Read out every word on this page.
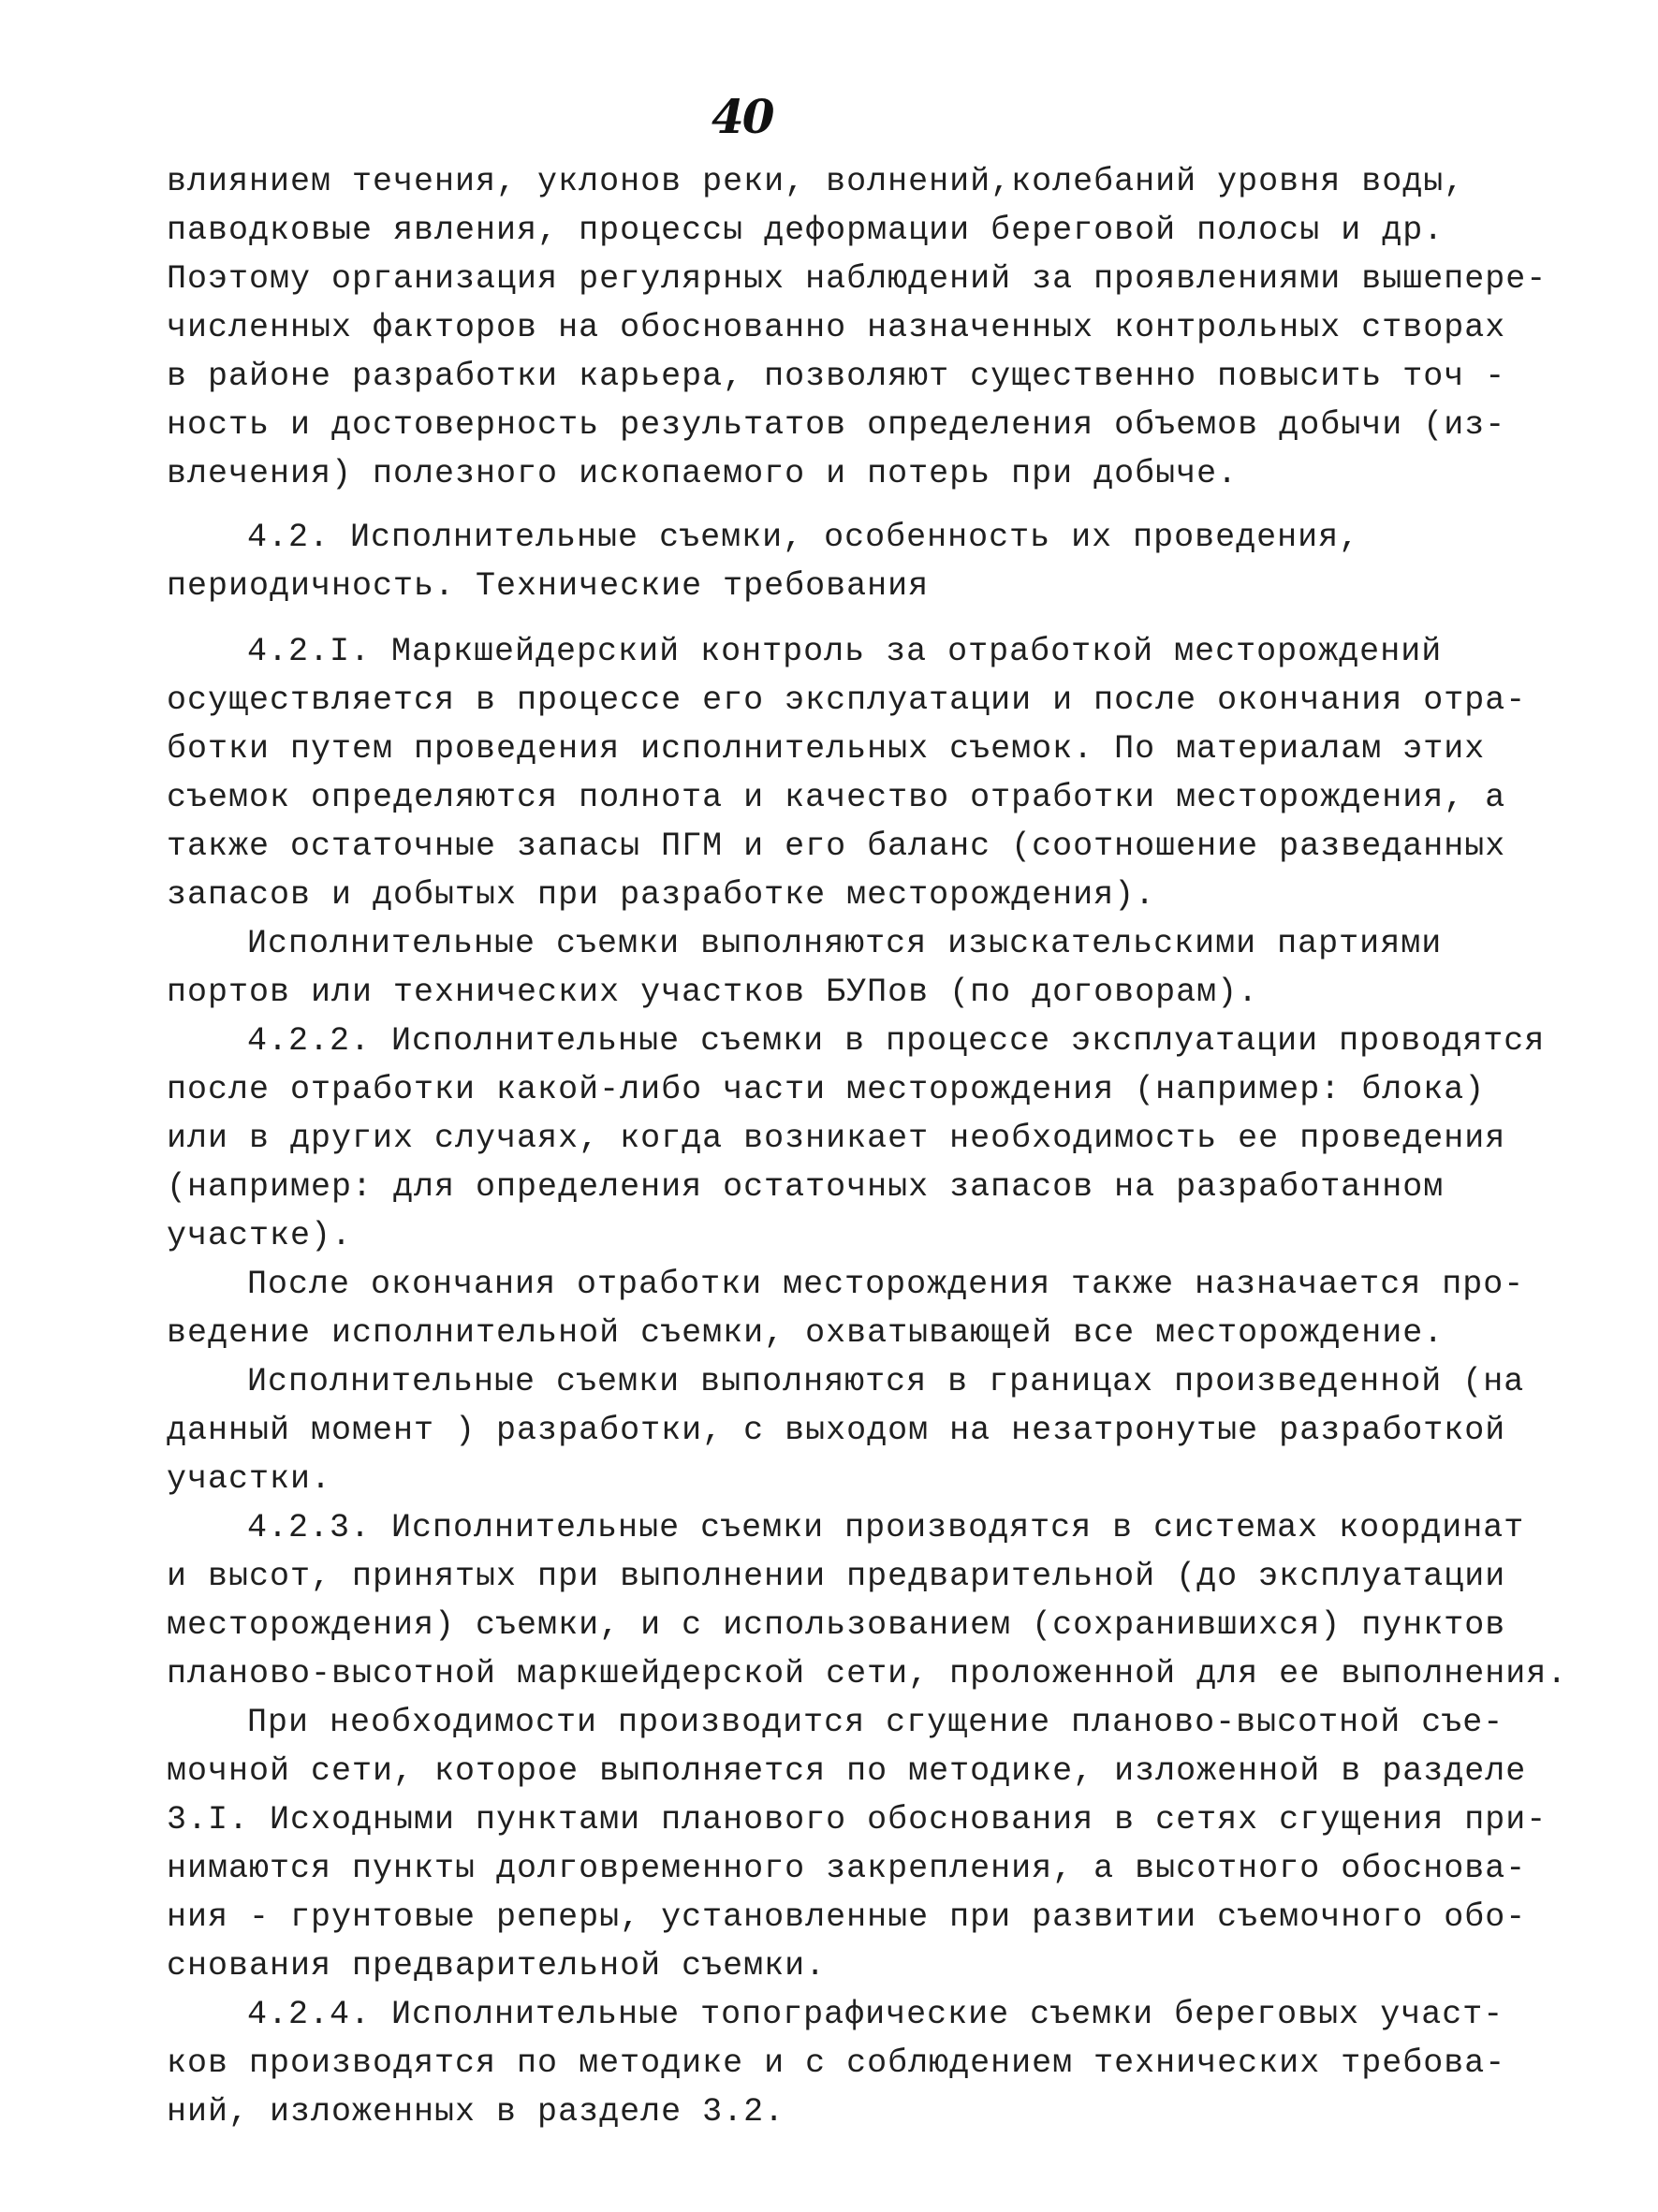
40

влиянием течения, уклонов реки, волнений,колебаний уровня воды,

паводковые явления, процессы деформации береговой полосы и др.

Поэтому организация регулярных наблюдений за проявлениями вышепере-

численных факторов на обоснованно назначенных контрольных створах

в районе разработки карьера, позволяют существенно повысить точ -

ность и достоверность результатов определения объемов добычи (из-

влечения) полезного ископаемого и потерь при добыче.

4.2. Исполнительные съемки, особенность их проведения,

периодичность. Технические требования

4.2.I. Маркшейдерский контроль за отработкой месторождений

осуществляется в процессе его эксплуатации и после окончания отра-

ботки путем проведения исполнительных съемок. По материалам этих

съемок определяются полнота и качество отработки месторождения, а

также остаточные запасы ПГМ и его баланс (соотношение разведанных

запасов и добытых при разработке месторождения).

Исполнительные съемки выполняются изыскательскими партиями

портов или технических участков БУПов (по договорам).

4.2.2. Исполнительные съемки в процессе эксплуатации проводятся

после отработки какой-либо части месторождения (например: блока)

или в других случаях, когда возникает необходимость ее проведения

(например: для определения остаточных запасов на разработанном

участке).

После окончания отработки месторождения также назначается про-

ведение исполнительной съемки, охватывающей все месторождение.

Исполнительные съемки выполняются в границах произведенной (на

данный момент ) разработки, с выходом на незатронутые разработкой

участки.

4.2.3. Исполнительные съемки производятся в системах координат

и высот, принятых при выполнении предварительной (до эксплуатации

месторождения) съемки, и с использованием (сохранившихся) пунктов

планово-высотной маркшейдерской сети, проложенной для ее выполнения.

При необходимости производится сгущение планово-высотной съе-

мочной сети, которое выполняется по методике, изложенной в разделе

3.I. Исходными пунктами планового обоснования в сетях сгущения при-

нимаются пункты долговременного закрепления, а высотного обоснова-

ния - грунтовые реперы, установленные при развитии съемочного обо-

снования предварительной съемки.

4.2.4. Исполнительные топографические съемки береговых участ-

ков производятся по методике и с соблюдением технических требова-

ний, изложенных в разделе 3.2.
